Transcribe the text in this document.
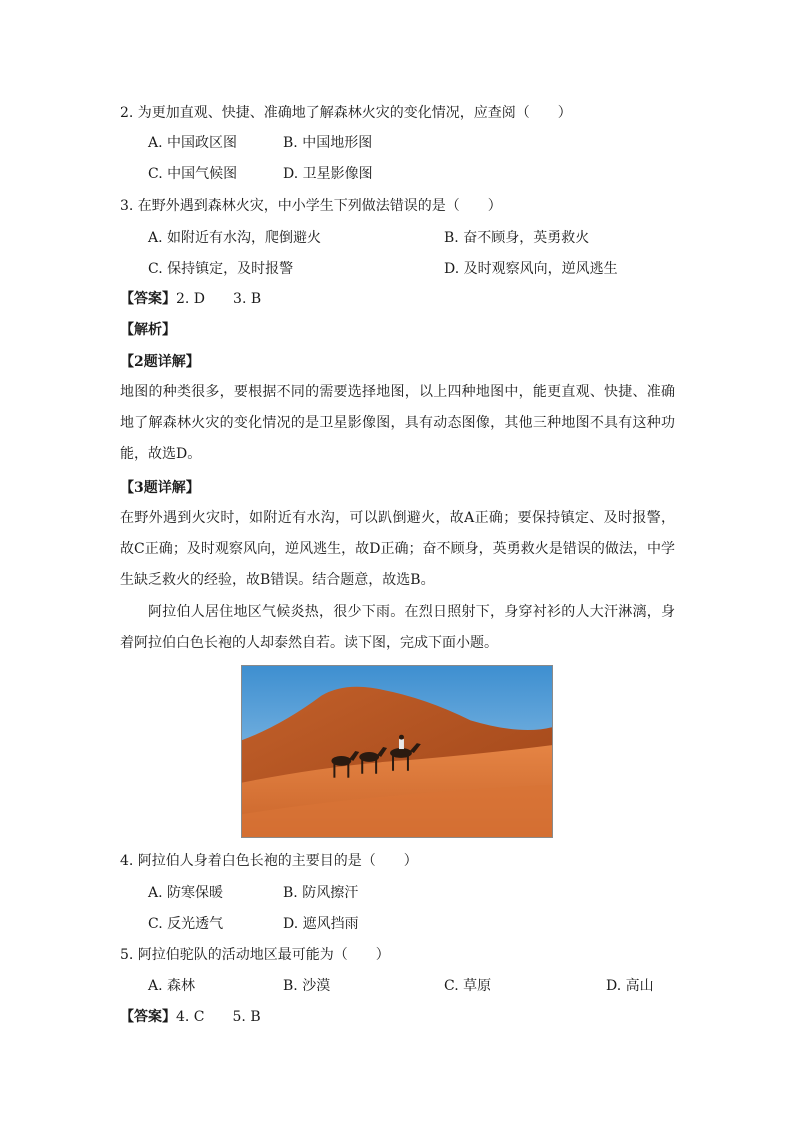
2. 为更加直观、快捷、准确地了解森林火灾的变化情况，应查阅（　　）
A. 中国政区图	B. 中国地形图
C. 中国气候图	D. 卫星影像图
3. 在野外遇到森林火灾，中小学生下列做法错误的是（　　）
A. 如附近有水沟，爬倒避火	B. 奋不顾身，英勇救火
C. 保持镇定，及时报警	D. 及时观察风向，逆风逃生
【答案】2. D　　3. B
【解析】
【2题详解】
地图的种类很多，要根据不同的需要选择地图，以上四种地图中，能更直观、快捷、准确地了解森林火灾的变化情况的是卫星影像图，具有动态图像，其他三种地图不具有这种功能，故选D。
【3题详解】
在野外遇到火灾时，如附近有水沟，可以趴倒避火，故A正确；要保持镇定、及时报警，故C正确；及时观察风向，逆风逃生，故D正确；奋不顾身，英勇救火是错误的做法，中学生缺乏救火的经验，故B错误。结合题意，故选B。
阿拉伯人居住地区气候炎热，很少下雨。在烈日照射下，身穿衬衫的人大汗淋漓，身着阿拉伯白色长袍的人却泰然自若。读下图，完成下面小题。
4. 阿拉伯人身着白色长袍的主要目的是（　　）
A. 防寒保暖	B. 防风擦汗
C. 反光透气	D. 遮风挡雨
5. 阿拉伯驼队的活动地区最可能为（　　）
A. 森林	B. 沙漠	C. 草原	D. 高山
【答案】4. C　　5. B
